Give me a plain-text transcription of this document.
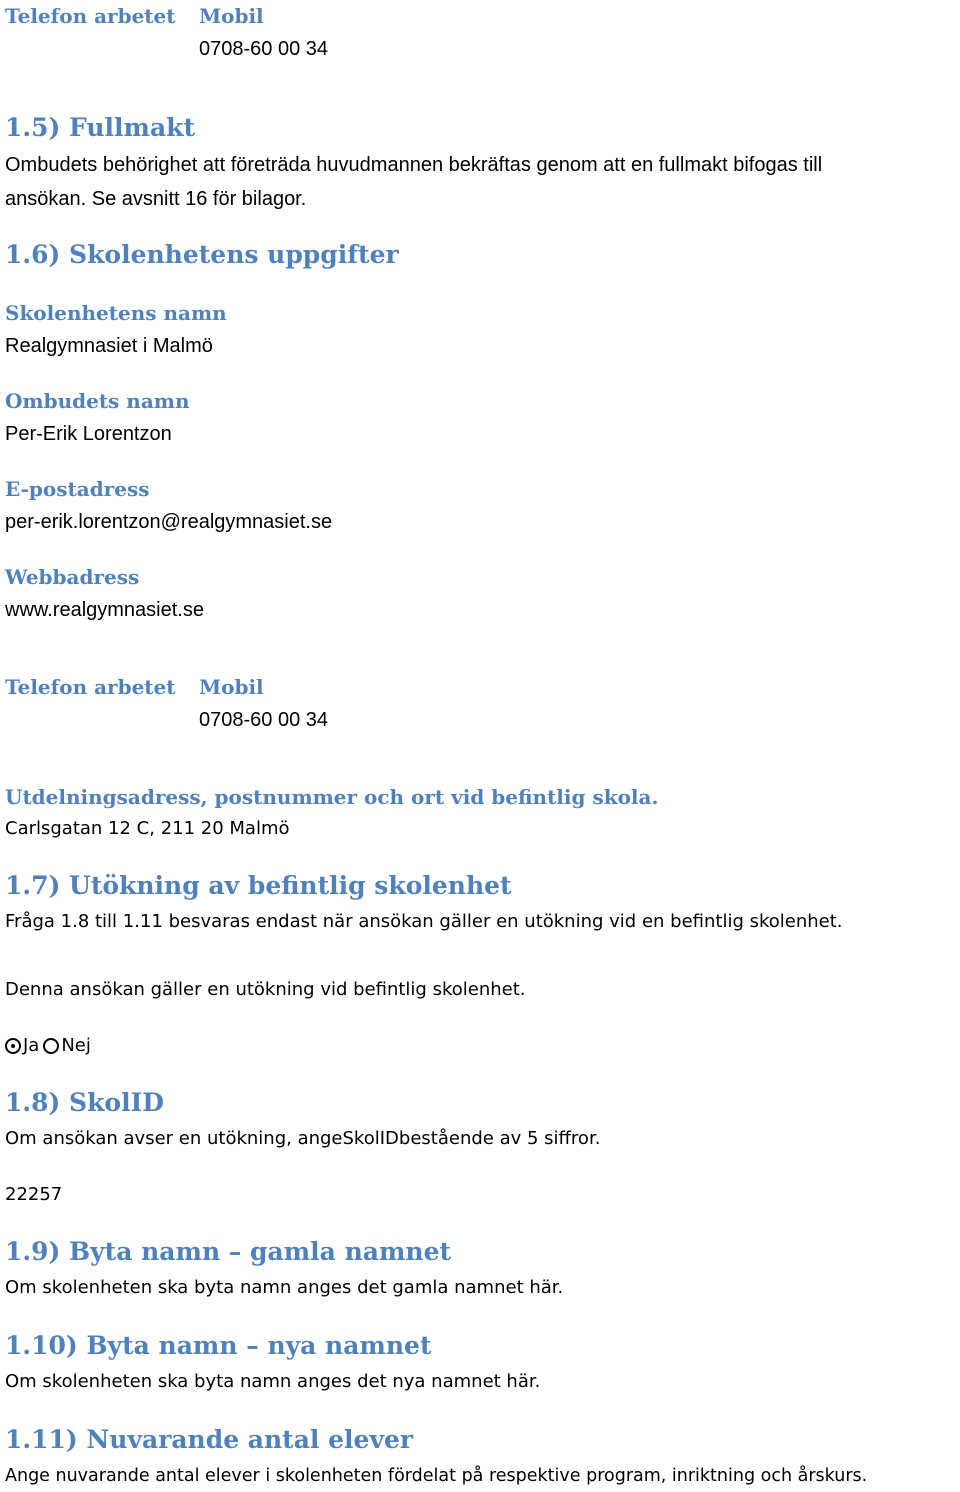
Telefon arbetet Mobil
0708-60 00 34
1.5) Fullmakt
Ombudets behörighet att företräda huvudmannen bekräftas genom att en fullmakt bifogas till
ansökan. Se avsnitt 16 för bilagor.
1.6) Skolenhetens uppgifter
Skolenhetens namn
Realgymnasiet i Malmö
Ombudets namn
Per-Erik Lorentzon
E-postadress
per-erik.lorentzon@realgymnasiet.se
Webbadress
www.realgymnasiet.se
Telefon arbetet Mobil
0708-60 00 34
Utdelningsadress, postnummer och ort vid befintlig skola.
Carlsgatan 12 C, 211 20 Malmö
1.7) Utökning av befintlig skolenhet
Fråga 1.8 till 1.11 besvaras endast när ansökan gäller en utökning vid en befintlig skolenhet.
Denna ansökan gäller en utökning vid befintlig skolenhet.
Ja Nej
1.8) SkolID
Om ansökan avser en utökning, angeSkolIDbestående av 5 siffror.
22257
1.9) Byta namn – gamla namnet
Om skolenheten ska byta namn anges det gamla namnet här.
1.10) Byta namn – nya namnet
Om skolenheten ska byta namn anges det nya namnet här.
1.11) Nuvarande antal elever
Ange nuvarande antal elever i skolenheten fördelat på respektive program, inriktning och årskurs.
